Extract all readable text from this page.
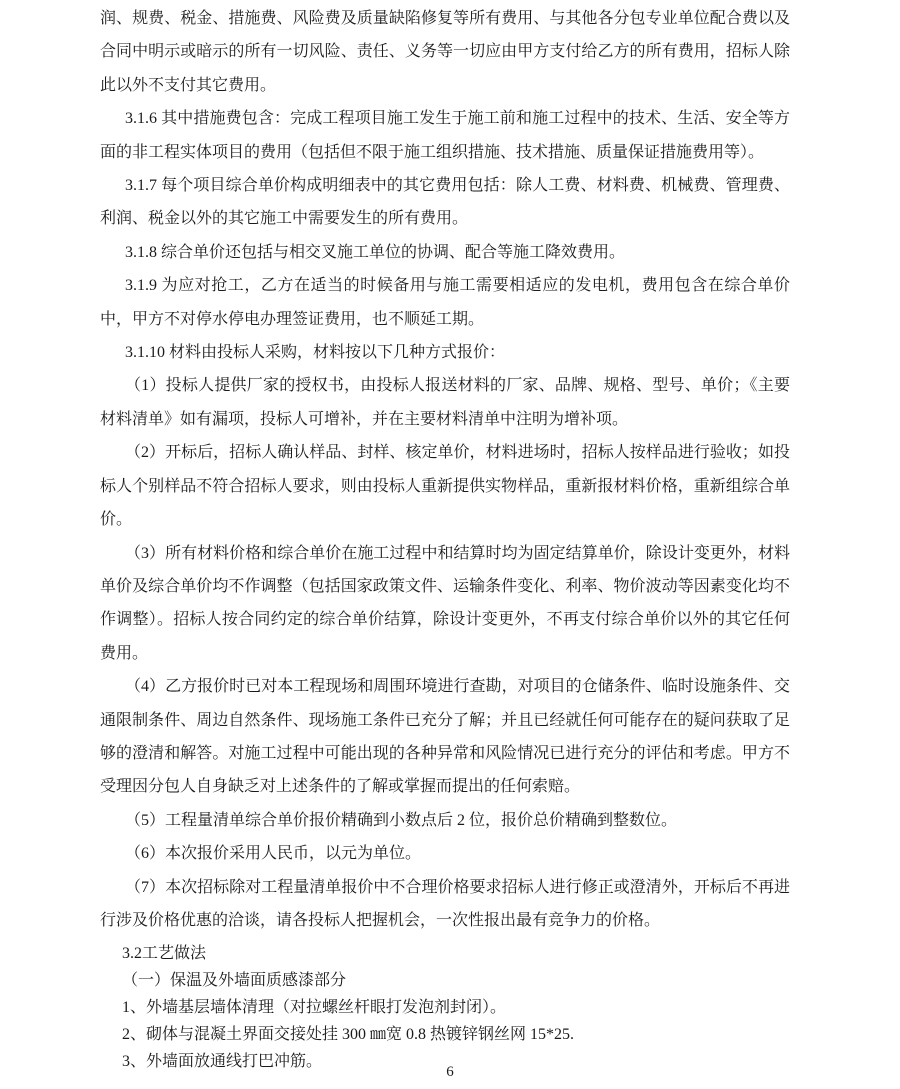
润、规费、税金、措施费、风险费及质量缺陷修复等所有费用、与其他各分包专业单位配合费以及合同中明示或暗示的所有一切风险、责任、义务等一切应由甲方支付给乙方的所有费用，招标人除此以外不支付其它费用。

3.1.6 其中措施费包含：完成工程项目施工发生于施工前和施工过程中的技术、生活、安全等方面的非工程实体项目的费用（包括但不限于施工组织措施、技术措施、质量保证措施费用等）。

3.1.7 每个项目综合单价构成明细表中的其它费用包括：除人工费、材料费、机械费、管理费、利润、税金以外的其它施工中需要发生的所有费用。

3.1.8 综合单价还包括与相交叉施工单位的协调、配合等施工降效费用。

3.1.9 为应对抢工，乙方在适当的时候备用与施工需要相适应的发电机，费用包含在综合单价中，甲方不对停水停电办理签证费用，也不顺延工期。

3.1.10 材料由投标人采购，材料按以下几种方式报价：

（1）投标人提供厂家的授权书，由投标人报送材料的厂家、品牌、规格、型号、单价；《主要材料清单》如有漏项，投标人可增补，并在主要材料清单中注明为增补项。

（2）开标后，招标人确认样品、封样、核定单价，材料进场时，招标人按样品进行验收；如投标人个别样品不符合招标人要求，则由投标人重新提供实物样品，重新报材料价格，重新组综合单价。

（3）所有材料价格和综合单价在施工过程中和结算时均为固定结算单价，除设计变更外，材料单价及综合单价均不作调整（包括国家政策文件、运输条件变化、利率、物价波动等因素变化均不作调整）。招标人按合同约定的综合单价结算，除设计变更外，不再支付综合单价以外的其它任何费用。

（4）乙方报价时已对本工程现场和周围环境进行查勘，对项目的仓储条件、临时设施条件、交通限制条件、周边自然条件、现场施工条件已充分了解；并且已经就任何可能存在的疑问获取了足够的澄清和解答。对施工过程中可能出现的各种异常和风险情况已进行充分的评估和考虑。甲方不受理因分包人自身缺乏对上述条件的了解或掌握而提出的任何索赔。

（5）工程量清单综合单价报价精确到小数点后 2 位，报价总价精确到整数位。

（6）本次报价采用人民币，以元为单位。

（7）本次招标除对工程量清单报价中不合理价格要求招标人进行修正或澄清外，开标后不再进行涉及价格优惠的洽谈，请各投标人把握机会，一次性报出最有竞争力的价格。

3.2工艺做法

（一）保温及外墙面质感漆部分

1、外墙基层墙体清理（对拉螺丝杆眼打发泡剂封闭）。

2、砌体与混凝土界面交接处挂 300 ㎜宽 0.8 热镀锌钢丝网 15*25.

3、外墙面放通线打巴冲筋。

6
